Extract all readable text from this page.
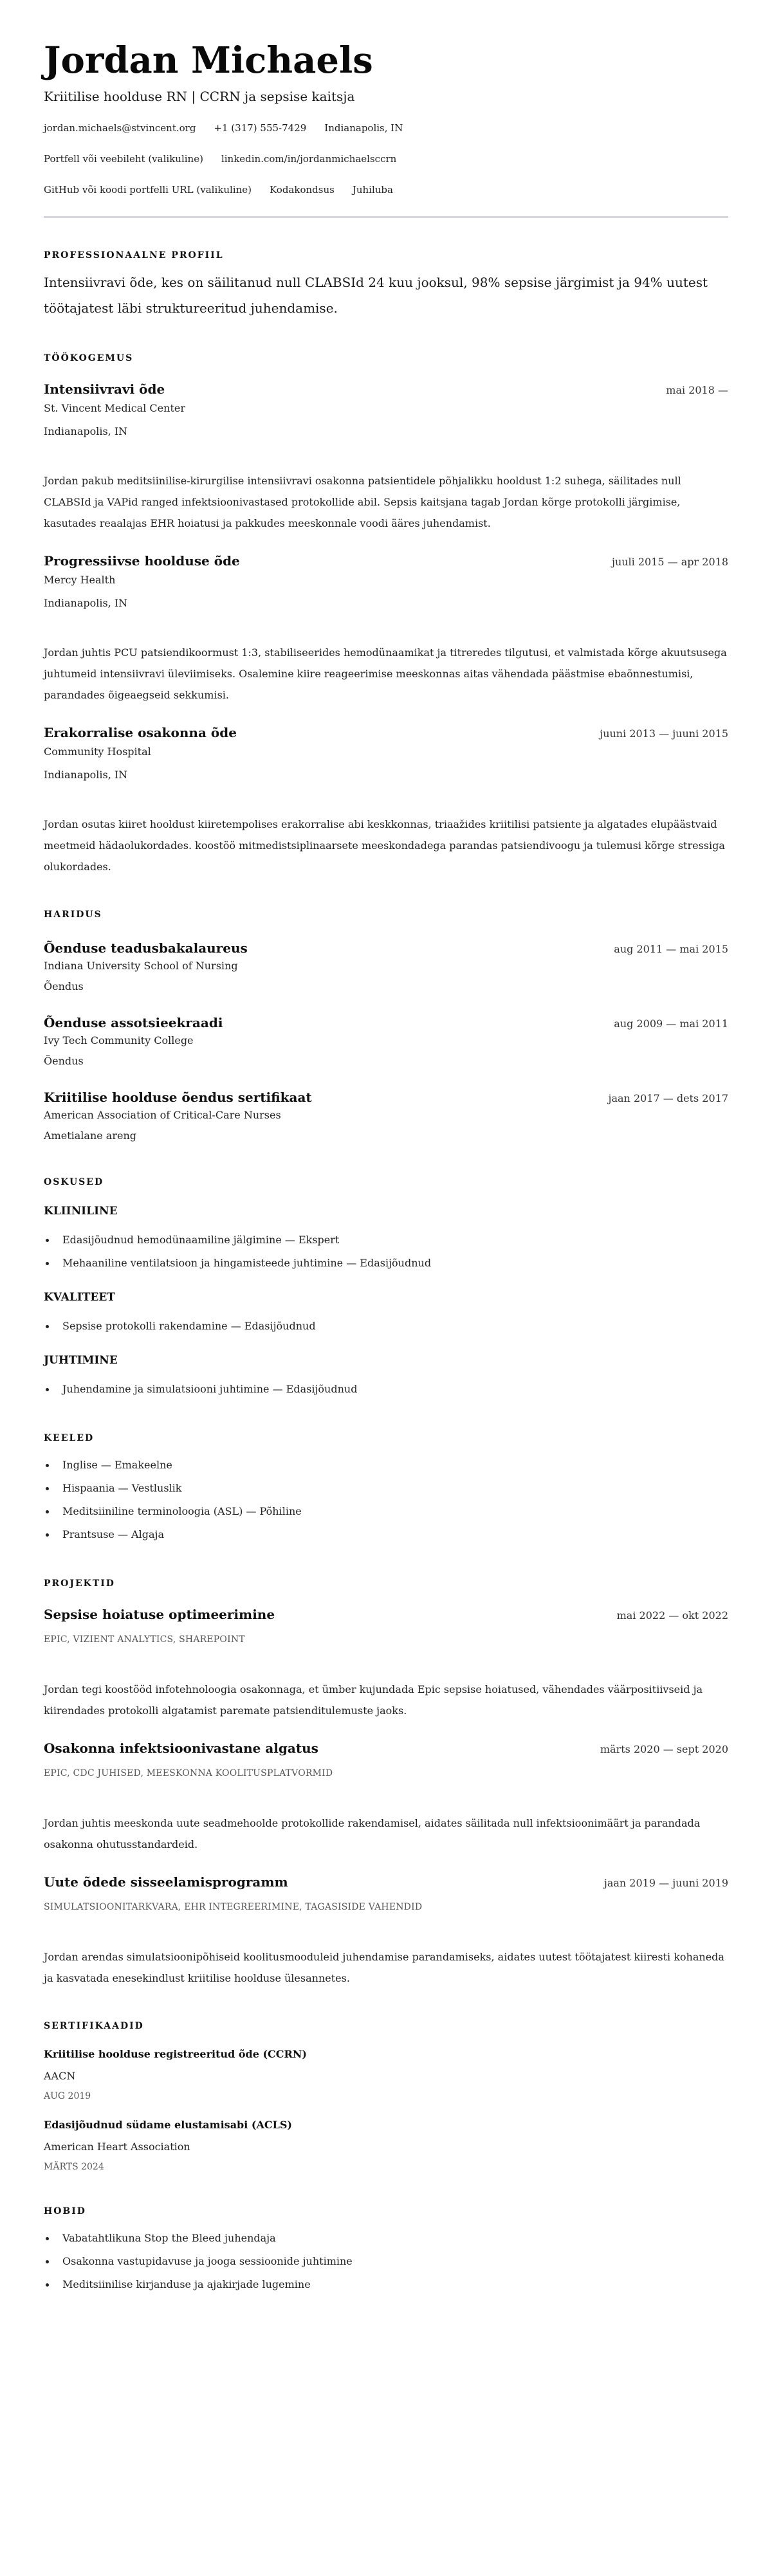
Jordan Michaels
Kriitilise hoolduse RN | CCRN ja sepsise kaitsja
jordan.michaels@stvincent.org +1 (317) 555-7429 Indianapolis, IN
Portfell või veebileht (valikuline) linkedin.com/in/jordanmichaelsccrn
GitHub või koodi portfelli URL (valikuline) Kodakondsus Juhiluba
PROFESSIONAALNE PROFIIL

Intensiivravi õde, kes on säilitanud null CLABSId 24 kuu jooksul, 98% sepsise järgimist ja 94% uutest töötajatest läbi struktureeritud juhendamise.

TÖÖKOGEMUS
Intensiivravi õde	mai 2018 —
St. Vincent Medical Center
Indianapolis, IN

Jordan pakub meditsiinilise-kirurgilise intensiivravi osakonna patsientidele põhjalikku hooldust 1:2 suhega, säilitades null CLABSId ja VAPid ranged infektsioonivastased protokollide abil. Sepsis kaitsjana tagab Jordan kõrge protokolli järgimise, kasutades reaalajas EHR hoiatusi ja pakkudes meeskonnale voodi ääres juhendamist.

Progressiivse hoolduse õde	juuli 2015 — apr 2018
Mercy Health
Indianapolis, IN

Jordan juhtis PCU patsiendikoormust 1:3, stabiliseerides hemodünaamikat ja titreredes tilgutusi, et valmistada kõrge akuutsusega juhtumeid intensiivravi üleviimiseks. Osalemine kiire reageerimise meeskonnas aitas vähendada päästmise ebaõnnestumisi, parandades õigeaegseid sekkumisi.

Erakorralise osakonna õde	juuni 2013 — juuni 2015
Community Hospital
Indianapolis, IN

Jordan osutas kiiret hooldust kiiretempolises erakorralise abi keskkonnas, triaažides kriitilisi patsiente ja algatades elupäästvaid meetmeid hädaolukordades. koostöö mitmedistsiplinaarsete meeskondadega parandas patsiendivoogu ja tulemusi kõrge stressiga olukordades.

HARIDUS
Õenduse teadusbakalaureus	aug 2011 — mai 2015
Indiana University School of Nursing
Õendus
Õenduse assotsieekraadi	aug 2009 — mai 2011
Ivy Tech Community College
Õendus
Kriitilise hoolduse õendus sertifikaat	jaan 2017 — dets 2017
American Association of Critical-Care Nurses
Ametialane areng
OSKUSED
KLIINILINE
Edasijõudnud hemodünaamiline jälgimine — Ekspert
Mehaaniline ventilatsioon ja hingamisteede juhtimine — Edasijõudnud
KVALITEET
Sepsise protokolli rakendamine — Edasijõudnud
JUHTIMINE
Juhendamine ja simulatsiooni juhtimine — Edasijõudnud
KEELED
Inglise — Emakeelne
Hispaania — Vestluslik
Meditsiiniline terminoloogia (ASL) — Põhiline
Prantsuse — Algaja
PROJEKTID
Sepsise hoiatuse optimeerimine	mai 2022 — okt 2022
EPIC, VIZIENT ANALYTICS, SHAREPOINT

Jordan tegi koostööd infotehnoloogia osakonnaga, et ümber kujundada Epic sepsise hoiatused, vähendades väärpositiivseid ja kiirendades protokolli algatamist paremate patsienditulemuste jaoks.

Osakonna infektsioonivastane algatus	märts 2020 — sept 2020
EPIC, CDC JUHISED, MEESKONNA KOOLITUSPLATVORMID

Jordan juhtis meeskonda uute seadmehoolde protokollide rakendamisel, aidates säilitada null infektsioonimäärt ja parandada osakonna ohutusstandardeid.

Uute õdede sisseelamisprogramm	jaan 2019 — juuni 2019
SIMULATSIOONITARKVARA, EHR INTEGREERIMINE, TAGASISIDE VAHENDID

Jordan arendas simulatsioonipõhiseid koolitusmooduleid juhendamise parandamiseks, aidates uutest töötajatest kiiresti kohaneda ja kasvatada enesekindlust kriitilise hoolduse ülesannetes.

SERTIFIKAADID
Kriitilise hoolduse registreeritud õde (CCRN)
AACN
AUG 2019
Edasijõudnud südame elustamisabi (ACLS)
American Heart Association
MÄRTS 2024
HOBID
Vabatahtlikuna Stop the Bleed juhendaja
Osakonna vastupidavuse ja jooga sessioonide juhtimine
Meditsiinilise kirjanduse ja ajakirjade lugemine
